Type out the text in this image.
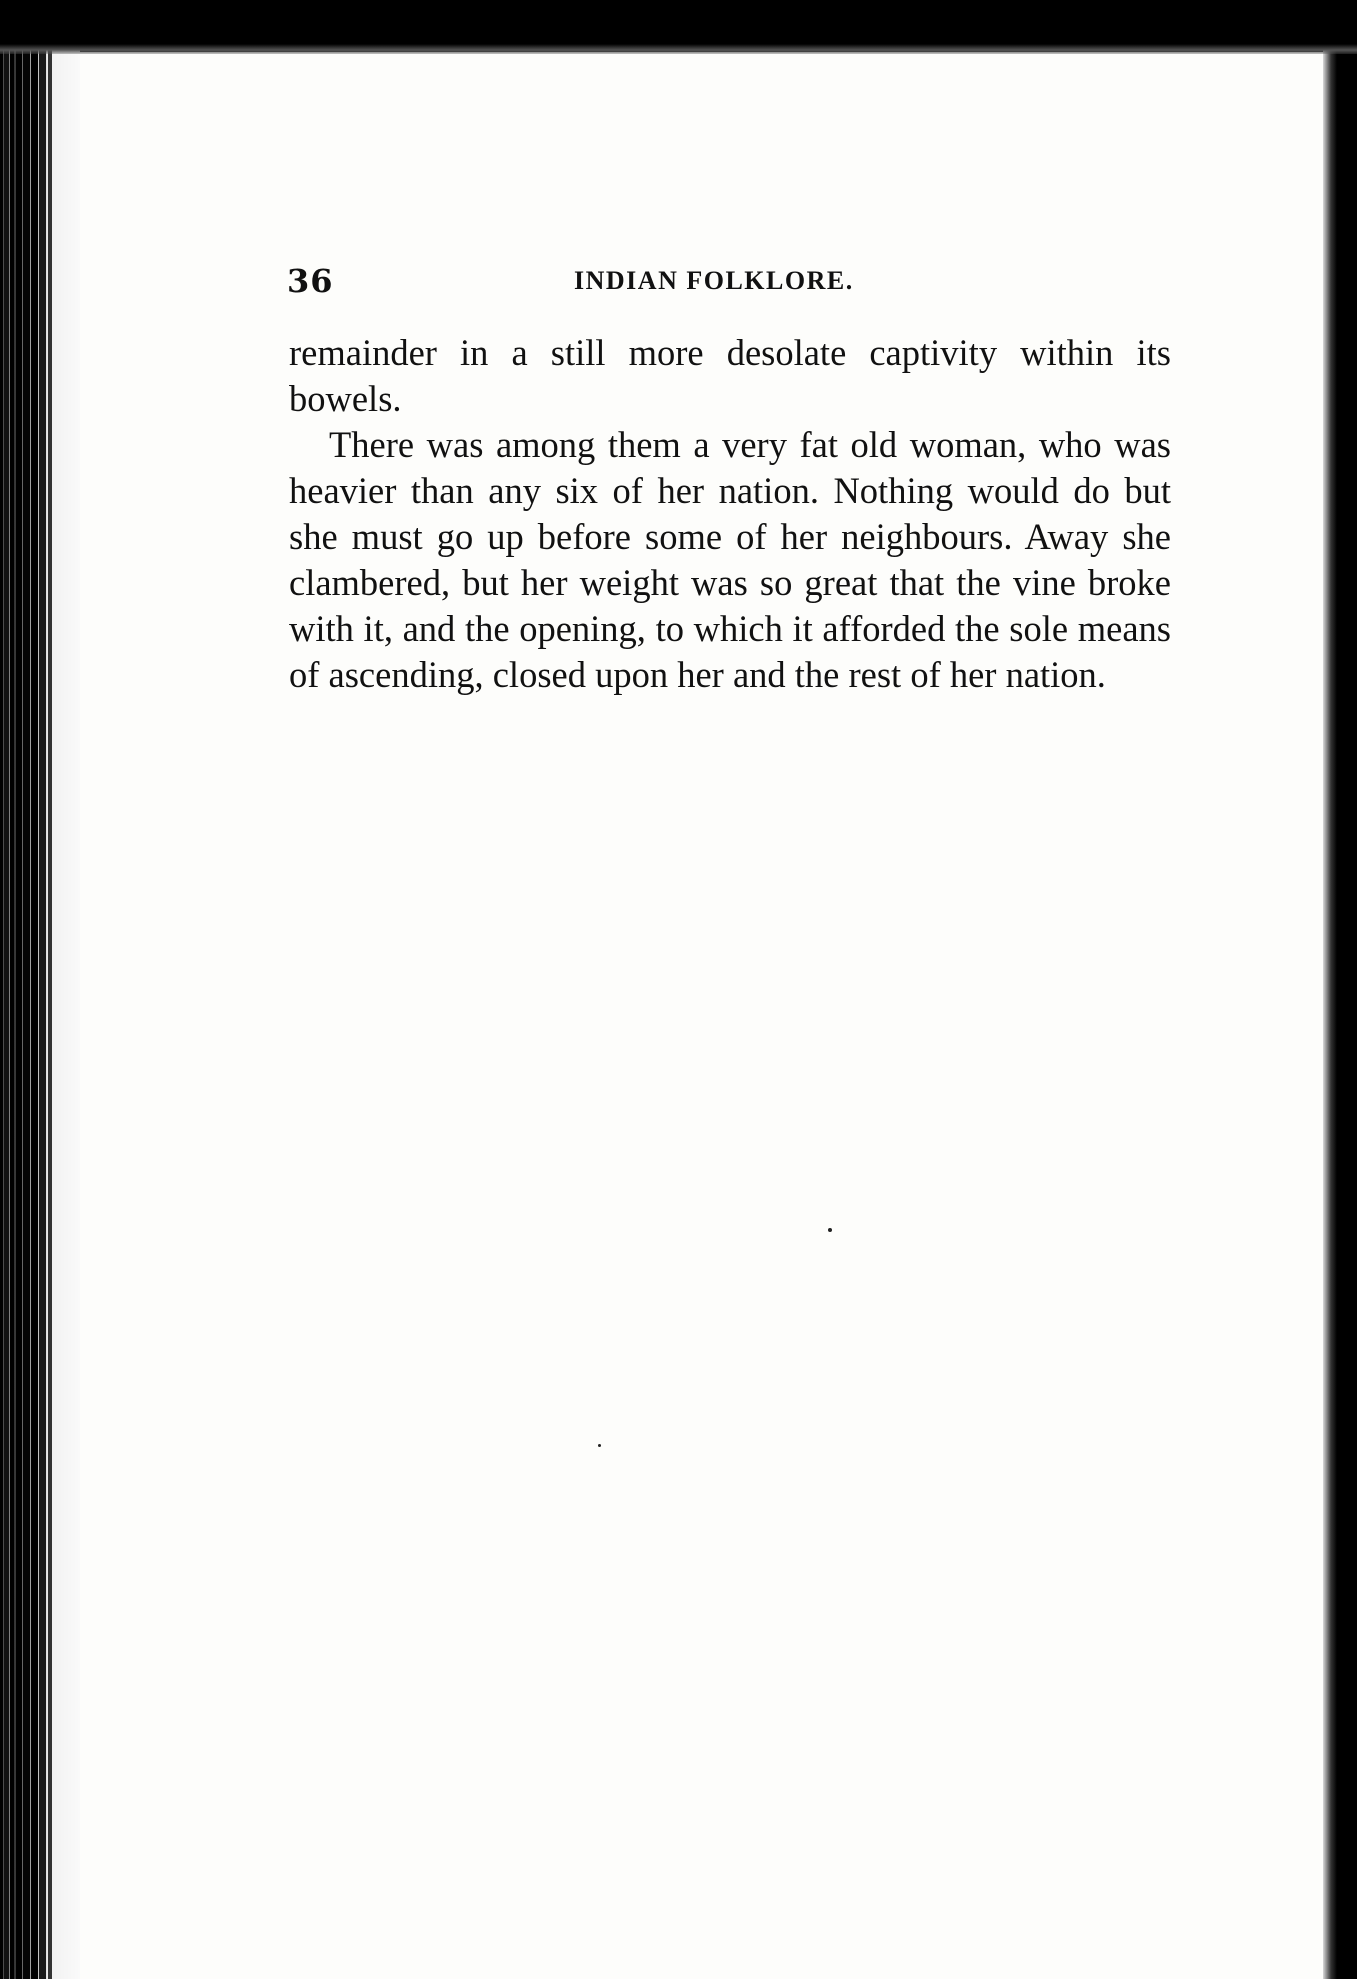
36	INDIAN FOLKLORE.

remainder in a still more desolate captivity within its bowels.

There was among them a very fat old woman, who was heavier than any six of her nation. Nothing would do but she must go up before some of her neighbours. Away she clambered, but her weight was so great that the vine broke with it, and the opening, to which it afforded the sole means of ascending, closed upon her and the rest of her nation.
